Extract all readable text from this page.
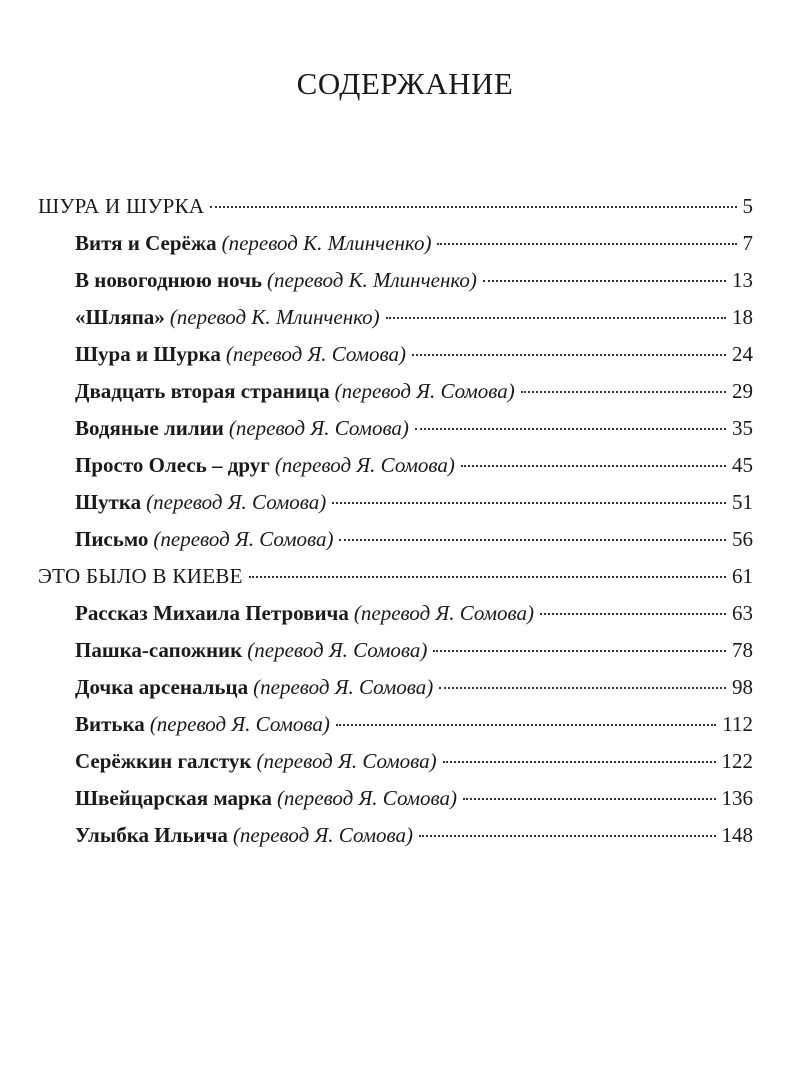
СОДЕРЖАНИЕ
ШУРА И ШУРКА	5
Витя и Серёжа (перевод К. Млинченко)	7
В новогоднюю ночь (перевод К. Млинченко)	13
«Шляпа» (перевод К. Млинченко)	18
Шура и Шурка (перевод Я. Сомова)	24
Двадцать вторая страница (перевод Я. Сомова)	29
Водяные лилии (перевод Я. Сомова)	35
Просто Олесь – друг (перевод Я. Сомова)	45
Шутка (перевод Я. Сомова)	51
Письмо (перевод Я. Сомова)	56
ЭТО БЫЛО В КИЕВЕ	61
Рассказ Михаила Петровича (перевод Я. Сомова)	63
Пашка-сапожник (перевод Я. Сомова)	78
Дочка арсенальца (перевод Я. Сомова)	98
Витька (перевод Я. Сомова)	112
Серёжкин галстук (перевод Я. Сомова)	122
Швейцарская марка (перевод Я. Сомова)	136
Улыбка Ильича (перевод Я. Сомова)	148
